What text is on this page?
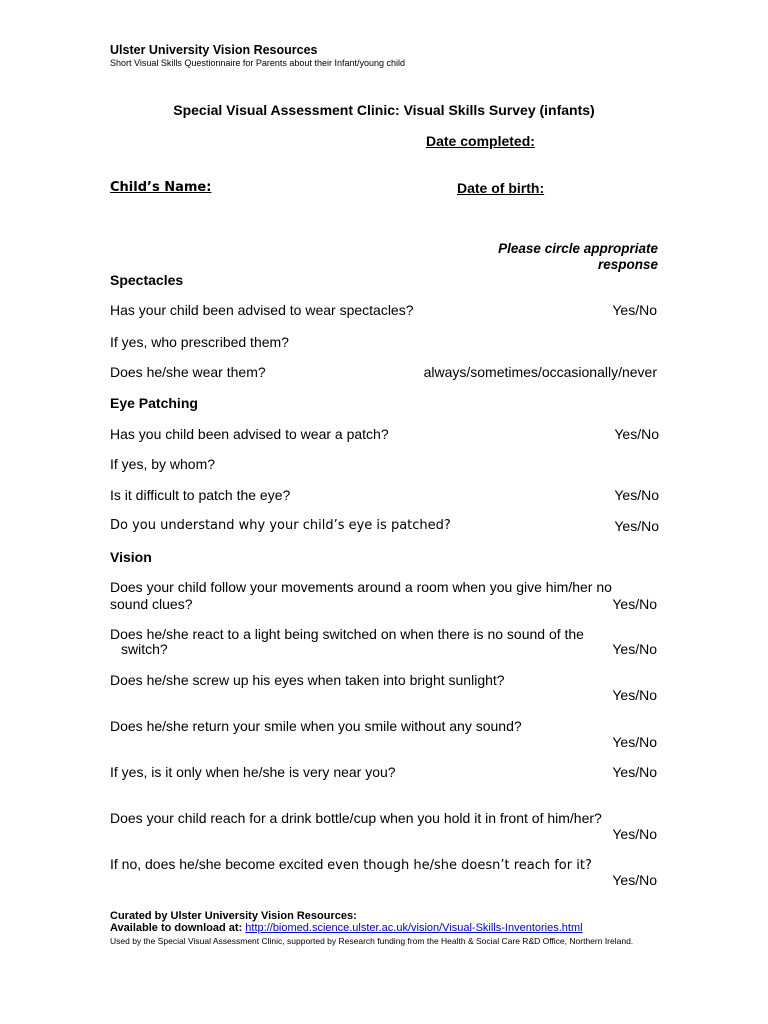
Ulster University Vision Resources
Short Visual Skills Questionnaire for Parents about their Infant/young child
Special Visual Assessment Clinic: Visual Skills Survey (infants)
Date completed:
Child’s Name:	Date of birth:
Please circle appropriate
response
Spectacles
Has your child been advised to wear spectacles?	Yes/No
If yes, who prescribed them?
Does he/she wear them?	always/sometimes/occasionally/never
Eye Patching
Has you child been advised to wear a patch?	Yes/No
If yes, by whom?
Is it difficult to patch the eye?	Yes/No
Do you understand why your child’s eye is patched?	Yes/No
Vision
Does your child follow your movements around a room when you give him/her no
sound clues?	Yes/No
Does he/she react to a light being switched on when there is no sound of the
switch?	Yes/No
Does he/she screw up his eyes when taken into bright sunlight?
Yes/No
Does he/she return your smile when you smile without any sound?
Yes/No
If yes, is it only when he/she is very near you?	Yes/No
Does your child reach for a drink bottle/cup when you hold it in front of him/her?
Yes/No
If no, does he/she become excited even though he/she doesn’t reach for it?
Yes/No
Curated by Ulster University Vision Resources:
Available to download at: http://biomed.science.ulster.ac.uk/vision/Visual-Skills-Inventories.html
Used by the Special Visual Assessment Clinic, supported by Research funding from the Health & Social Care R&D Office, Northern Ireland.
